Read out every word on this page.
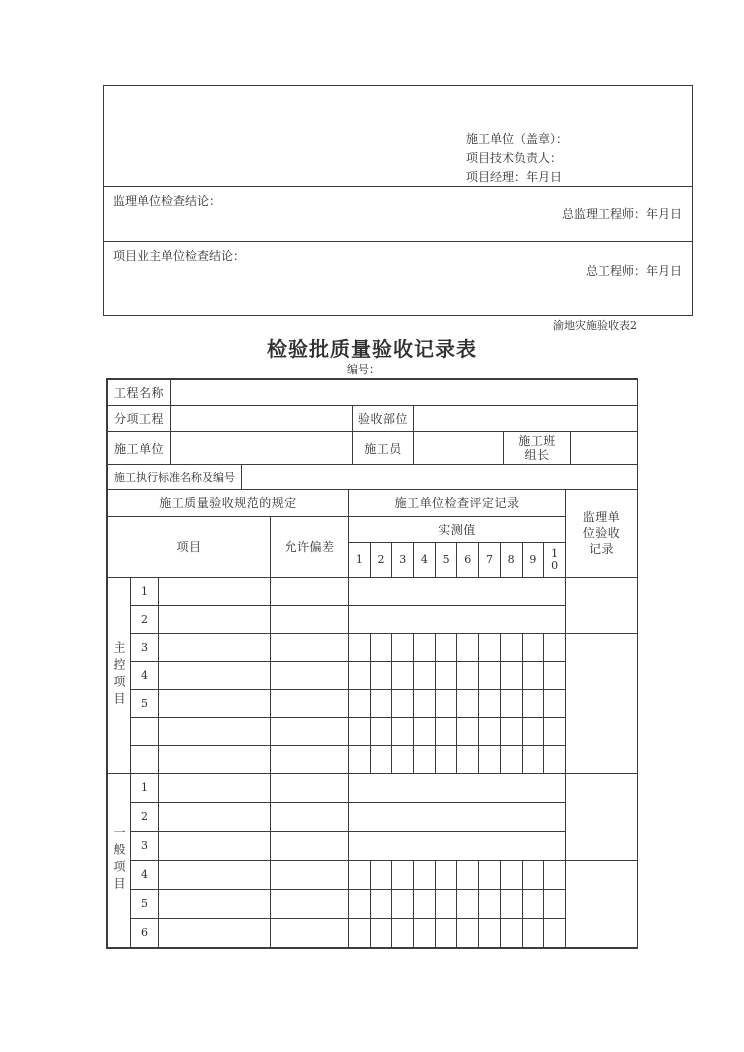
施工单位（盖章）：
项目技术负责人：
项目经理：年月日
监理单位检查结论：
总监理工程师：年月日
项目业主单位检查结论：
总工程师：年月日
渝地灾施验收表2
检验批质量验收记录表
编号：
工程名称						
分项工程			验收部位			
施工单位			施工员		施工班组长	
施工执行标准名称及编号						
施工质量验收规范的规定				施工单位检查评定记录										监理单位验收记录
项目			允许偏差	实测值										
				1	2	3	4	5	6	7	8	9	10	

主控项目	1													
	2													
	3													
	4													
	5													

一般项目	1													
	2													
	3													
	4													
	5													
	6													
